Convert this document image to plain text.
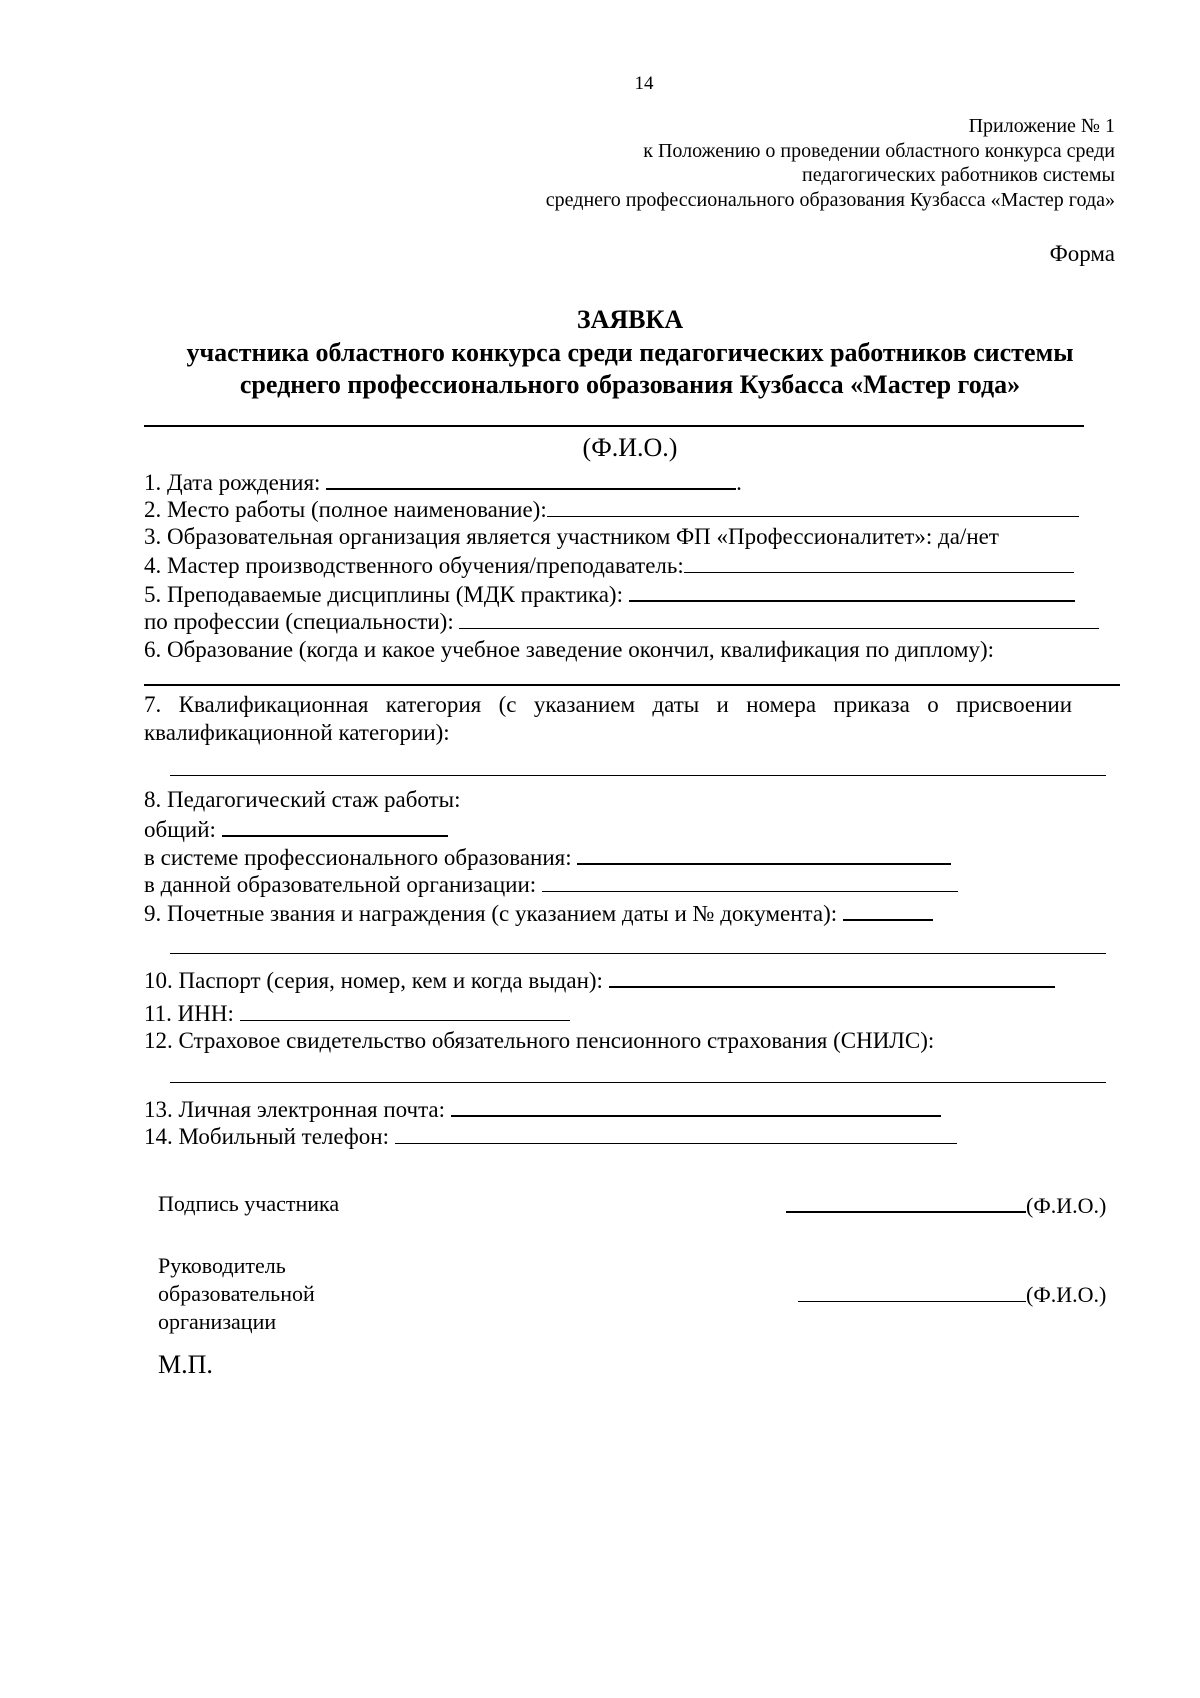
14
Приложение № 1
к Положению о проведении областного конкурса среди
педагогических работников системы
среднего профессионального образования Кузбасса «Мастер года»
Форма
ЗАЯВКА
участника областного конкурса среди педагогических работников системы
среднего профессионального образования Кузбасса «Мастер года»
(Ф.И.О.)
1. Дата рождения:	.
2. Место работы (полное наименование):
3. Образовательная организация является участником ФП «Профессионалитет»: да/нет
4. Мастер производственного обучения/преподаватель:
5. Преподаваемые дисциплины (МДК практика):
по профессии (специальности):
6. Образование (когда и какое учебное заведение окончил, квалификация по диплому):
7. Квалификационная категория (с указанием даты и номера приказа о присвоении
квалификационной категории):
8. Педагогический стаж работы:
общий:
в системе профессионального образования:
в данной образовательной организации:
9. Почетные звания и награждения (с указанием даты и № документа):
10. Паспорт (серия, номер, кем и когда выдан):
11. ИНН:
12. Страховое свидетельство обязательного пенсионного страхования (СНИЛС):
13. Личная электронная почта:
14. Мобильный телефон:
Подпись участника	(Ф.И.О.)
Руководитель
образовательной
организации
(Ф.И.О.)
М.П.
